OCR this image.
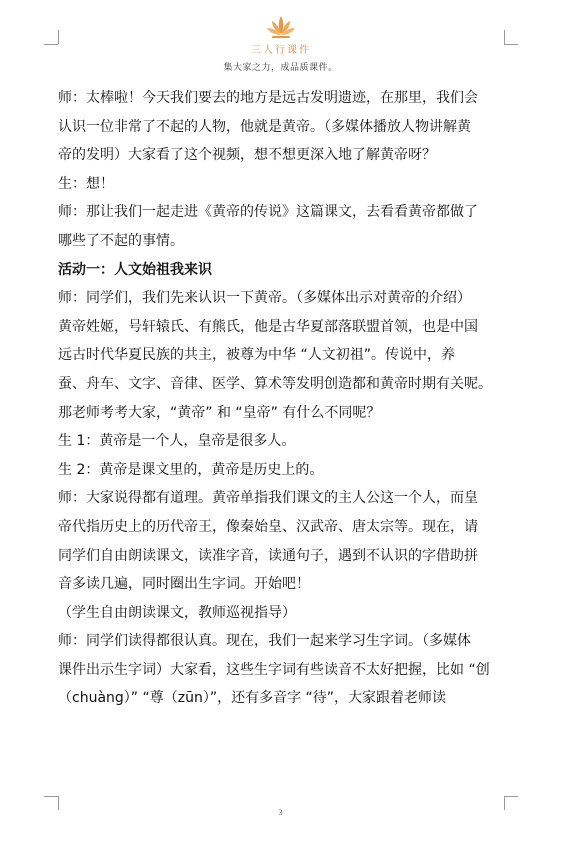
三人行课件
集大家之力，成品质课件。
师：太棒啦！今天我们要去的地方是远古发明遗迹，在那里，我们会
认识一位非常了不起的人物，他就是黄帝。（多媒体播放人物讲解黄
帝的发明）大家看了这个视频，想不想更深入地了解黄帝呀？
生：想！
师：那让我们一起走进《黄帝的传说》这篇课文，去看看黄帝都做了
哪些了不起的事情。
活动一：人文始祖我来识
师：同学们，我们先来认识一下黄帝。（多媒体出示对黄帝的介绍）
黄帝姓姬，号轩辕氏、有熊氏，他是古华夏部落联盟首领，也是中国
远古时代华夏民族的共主，被尊为中华 “人文初祖”。传说中，养
蚕、舟车、文字、音律、医学、算术等发明创造都和黄帝时期有关呢。
那老师考考大家，“黄帝” 和 “皇帝” 有什么不同呢？
生 1：黄帝是一个人，皇帝是很多人。
生 2：黄帝是课文里的，黄帝是历史上的。
师：大家说得都有道理。黄帝单指我们课文的主人公这一个人，而皇
帝代指历史上的历代帝王，像秦始皇、汉武帝、唐太宗等。现在，请
同学们自由朗读课文，读准字音，读通句子，遇到不认识的字借助拼
音多读几遍，同时圈出生字词。开始吧！
（学生自由朗读课文，教师巡视指导）
师：同学们读得都很认真。现在，我们一起来学习生字词。（多媒体
课件出示生字词）大家看，这些生字词有些读音不太好把握，比如 “创
（chuàng）” “尊（zūn）”，还有多音字 “待”，大家跟着老师读
3
